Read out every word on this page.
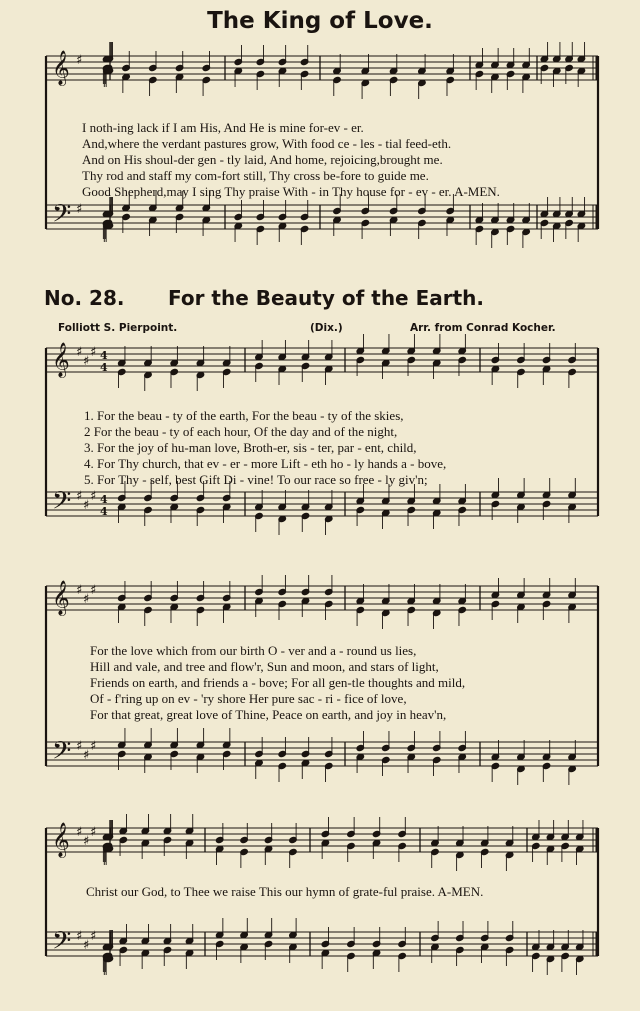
The King of Love.
𝄞 ♯
𝄢 ♯
𝄞 ♯
♯
♯
𝄢 ♯
♯
♯
𝄞 ♯
♯
♯
𝄢 ♯
♯
♯
𝄞 ♯
♯
♯
𝄢 ♯
♯
♯
4
4
4
4
I noth-ing lack if I am His, And He is mine for-ev - er.
And,where the verdant pastures grow, With food ce - les - tial feed-eth.
And on His shoul-der gen - tly laid, And home, rejoicing,brought me.
Thy rod and staff my com-fort still, Thy cross be-fore to guide me.
Good Shepherd,may I sing Thy praise With - in Thy house for - ev - er. A-MEN.
No. 28. For the Beauty of the Earth.
Folliott S. Pierpoint.	(Dix.)	Arr. from Conrad Kocher.
1. For the beau - ty of the earth, For the beau - ty of the skies,
2 For the beau - ty of each hour, Of the day and of the night,
3. For the joy of hu-man love, Broth-er, sis - ter, par - ent, child,
4. For Thy church, that ev - er - more Lift - eth ho - ly hands a - bove,
5. For Thy - self, best Gift Di - vine! To our race so free - ly giv'n;
For the love which from our birth O - ver and a - round us lies,
Hill and vale, and tree and flow'r, Sun and moon, and stars of light,
Friends on earth, and friends a - bove; For all gen-tle thoughts and mild,
Of - f'ring up on ev - 'ry shore Her pure sac - ri - fice of love,
For that great, great love of Thine, Peace on earth, and joy in heav'n,
Christ our God, to Thee we raise This our hymn of grate-ful praise. A-MEN.
